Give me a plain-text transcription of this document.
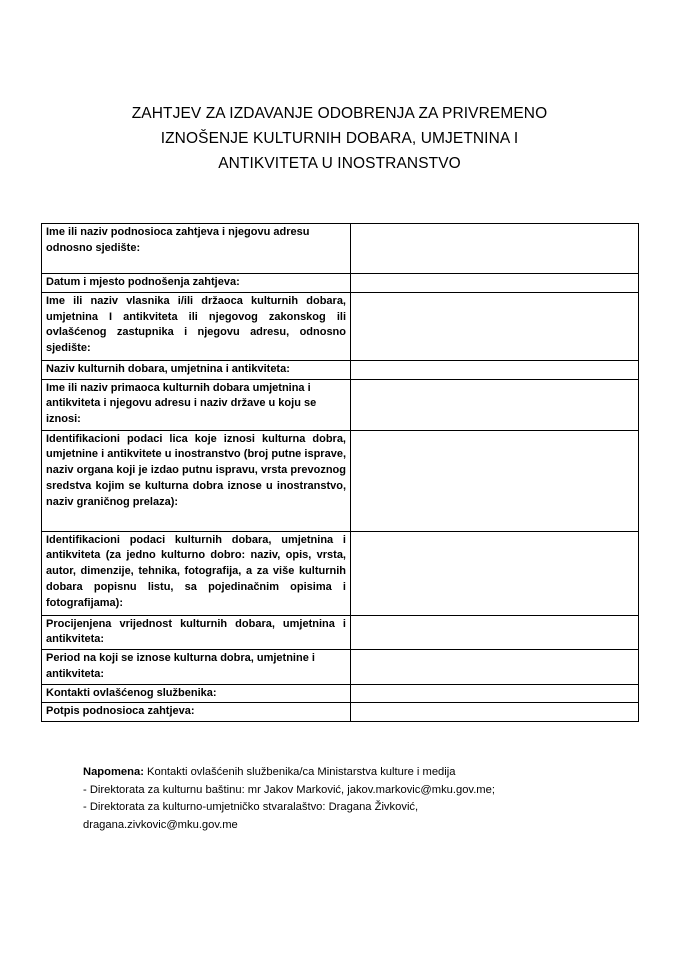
ZAHTJEV ZA IZDAVANJE ODOBRENJA ZA PRIVREMENO
IZNOŠENJE KULTURNIH DOBARA, UMJETNINA I
ANTIKVITETA U INOSTRANSTVO
Ime ili naziv podnosioca zahtjeva i njegovu adresu odnosno sjedište:	
Datum i mjesto podnošenja zahtjeva:	
Ime ili naziv vlasnika i/ili držaoca kulturnih dobara, umjetnina I antikviteta ili njegovog zakonskog ili ovlašćenog zastupnika i njegovu adresu, odnosno sjedište:	
Naziv kulturnih dobara, umjetnina i antikviteta:	
Ime ili naziv primaoca kulturnih dobara umjetnina i antikviteta i njegovu adresu i naziv države u koju se iznosi:	
Identifikacioni podaci lica koje iznosi kulturna dobra, umjetnine i antikvitete u inostranstvo (broj putne isprave, naziv organa koji je izdao putnu ispravu, vrsta prevoznog sredstva kojim se kulturna dobra iznose u inostranstvo, naziv graničnog prelaza):	
Identifikacioni podaci kulturnih dobara, umjetnina i antikviteta (za jedno kulturno dobro: naziv, opis, vrsta, autor, dimenzije, tehnika, fotografija, a za više kulturnih dobara popisnu listu, sa pojedinačnim opisima i fotografijama):	
Procijenjena vrijednost kulturnih dobara, umjetnina i antikviteta:	
Period na koji se iznose kulturna dobra, umjetnine i antikviteta:	
Kontakti ovlašćenog službenika:	
Potpis podnosioca zahtjeva:	
Napomena: Kontakti ovlašćenih službenika/ca Ministarstva kulture i medija
- Direktorata za kulturnu baštinu: mr Jakov Marković, jakov.markovic@mku.gov.me;
- Direktorata za kulturno-umjetničko stvaralaštvo: Dragana Živković,
dragana.zivkovic@mku.gov.me
